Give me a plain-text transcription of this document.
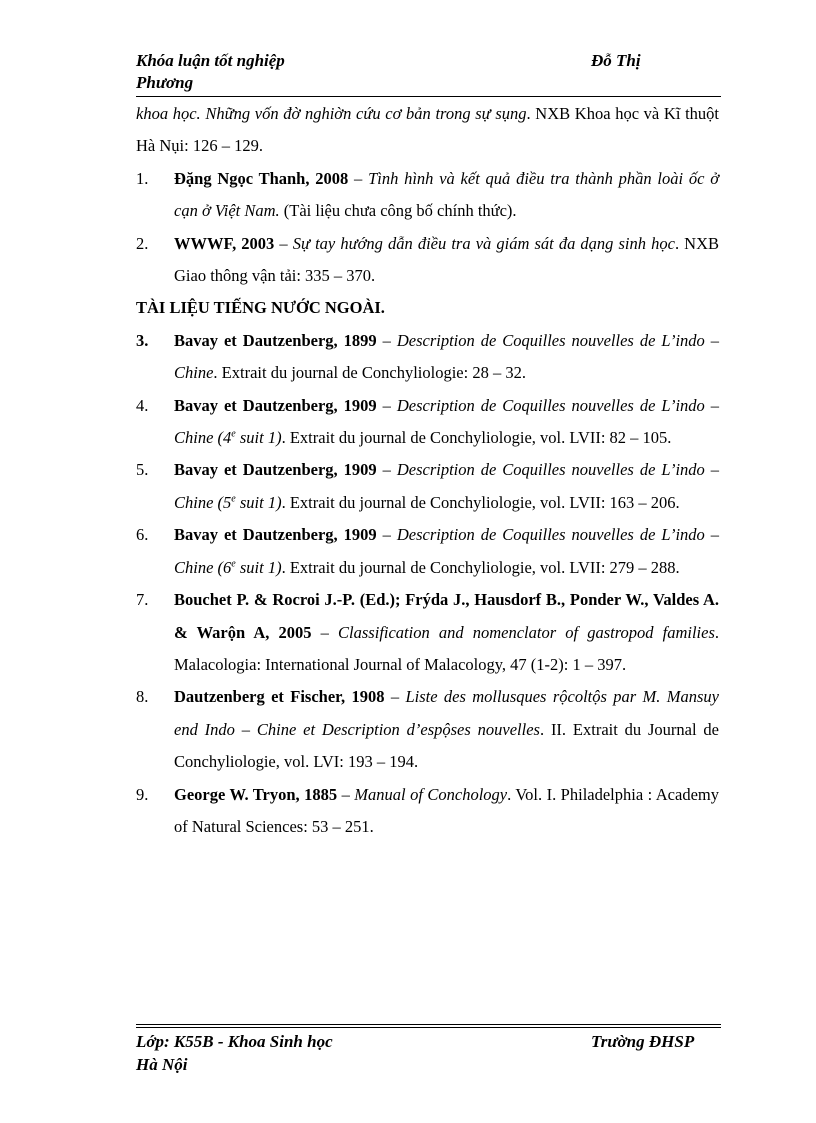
Khóa luận tốt nghiệp	Đỗ Thị
Phương

khoa học. Những vốn đờ nghiờn cứu cơ bản trong sự sụng. NXB Khoa học và Kĩ thuột Hà Nụi: 126 – 129.

1. Đặng Ngọc Thanh, 2008 – Tình hình và kết quả điều tra thành phần loài ốc ở cạn ở Việt Nam. (Tài liệu chưa công bố chính thức).

2. WWWF, 2003 – Sự tay hướng dẫn điều tra và giám sát đa dạng sinh học. NXB Giao thông vận tải: 335 – 370.

TÀI LIỆU TIẾNG NƯỚC NGOÀI.

3. Bavay et Dautzenberg, 1899 – Description de Coquilles nouvelles de L’indo – Chine. Extrait du journal de Conchyliologie: 28 – 32.

4. Bavay et Dautzenberg, 1909 – Description de Coquilles nouvelles de L’indo – Chine (4e suit 1). Extrait du journal de Conchyliologie, vol. LVII: 82 – 105.

5. Bavay et Dautzenberg, 1909 – Description de Coquilles nouvelles de L’indo – Chine (5e suit 1). Extrait du journal de Conchyliologie, vol. LVII: 163 – 206.

6. Bavay et Dautzenberg, 1909 – Description de Coquilles nouvelles de L’indo – Chine (6e suit 1). Extrait du journal de Conchyliologie, vol. LVII: 279 – 288.

7. Bouchet P. & Rocroi J.-P. (Ed.); Frýda J., Hausdorf B., Ponder W., Valdes A. & Warộn A, 2005 – Classification and nomenclator of gastropod families. Malacologia: International Journal of Malacology, 47 (1-2): 1 – 397.

8. Dautzenberg et Fischer, 1908 – Liste des mollusques rộcoltộs par M. Mansuy end Indo – Chine et Description d’espộses nouvelles. II. Extrait du Journal de Conchyliologie, vol. LVI: 193 – 194.

9. George W. Tryon, 1885 – Manual of Conchology. Vol. I. Philadelphia : Academy of Natural Sciences: 53 – 251.

Lớp: K55B - Khoa Sinh học	Trường ĐHSP
Hà Nội
